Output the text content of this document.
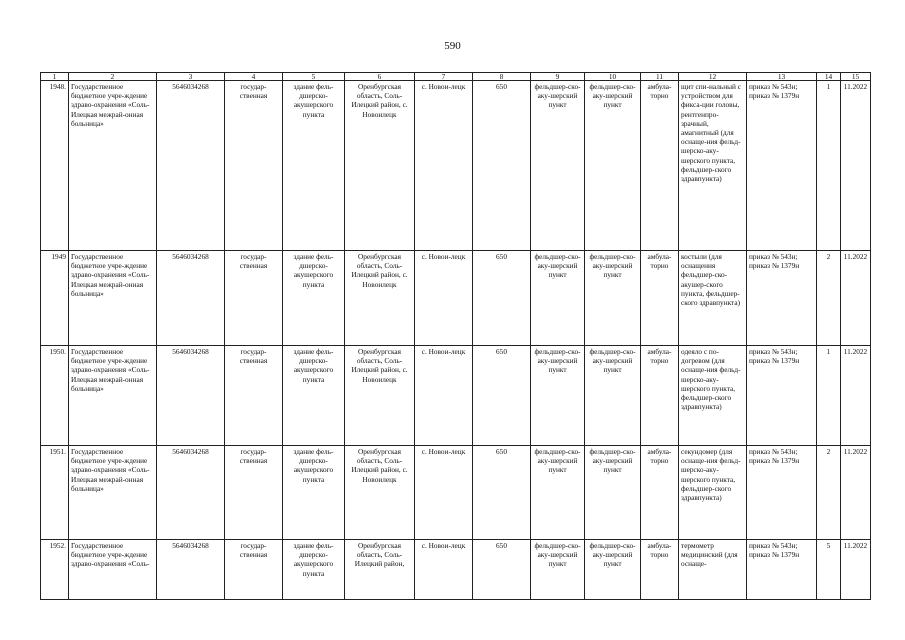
590
1	2	3	4	5	6	7	8	9	10	11	12	13	14	15
1948.	Государственное бюджетное учре-ждение здраво-охранения «Соль-Илецкая межрай-онная больница»	5646034268	государ-ственная	здание фель-дшерско-акушерского пункта	Оренбургская область, Соль-Илецкий район, с. Новоилецк	с. Новои-лецк	650	фельдшер-ско-аку-шерский пункт	фельдшер-ско-аку-шерский пункт	амбула-торно	щит спи-нальный с устройством для фикса-ции головы, рентгенпро-зрачный, амагнитный (для оснаще-ния фельд-шерско-аку-шерского пункта, фельдшер-ского здравпункта)	приказ № 543н; приказ № 1379н	1	11.2022
1949	Государственное бюджетное учре-ждение здраво-охранения «Соль-Илецкая межрай-онная больница»	5646034268	государ-ственная	здание фель-дшерско-акушерского пункта	Оренбургская область, Соль-Илецкий район, с. Новоилецк	с. Новои-лецк	650	фельдшер-ско-аку-шерский пункт	фельдшер-ско-аку-шерский пункт	амбула-торно	костыли (для оснащения фельдшер-ско-акушер-ского пункта, фельдшер-ского здравпункта)	приказ № 543н; приказ № 1379н	2	11.2022
1950.	Государственное бюджетное учре-ждение здраво-охранения «Соль-Илецкая межрай-онная больница»	5646034268	государ-ственная	здание фель-дшерско-акушерского пункта	Оренбургская область, Соль-Илецкий район, с. Новоилецк	с. Новои-лецк	650	фельдшер-ско-аку-шерский пункт	фельдшер-ско-аку-шерский пункт	амбула-торно	одеяло с по-догревом (для оснаще-ния фельд-шерско-аку-шерского пункта, фельдшер-ского здравпункта)	приказ № 543н; приказ № 1379н	1	11.2022
1951.	Государственное бюджетное учре-ждение здраво-охранения «Соль-Илецкая межрай-онная больница»	5646034268	государ-ственная	здание фель-дшерско-акушерского пункта	Оренбургская область, Соль-Илецкий район, с. Новоилецк	с. Новои-лецк	650	фельдшер-ско-аку-шерский пункт	фельдшер-ско-аку-шерский пункт	амбула-торно	секундомер (для оснаще-ния фельд-шерско-аку-шерского пункта, фельдшер-ского здравпункта)	приказ № 543н; приказ № 1379н	2	11.2022
1952.	Государственное бюджетное учре-ждение здраво-охранения «Соль-	5646034268	государ-ственная	здание фель-дшерско-акушерского пункта	Оренбургская область, Соль-Илецкий район,	с. Новои-лецк	650	фельдшер-ско-аку-шерский пункт	фельдшер-ско-аку-шерский пункт	амбула-торно	термометр медицинский (для оснаще-	приказ № 543н; приказ № 1379н	5	11.2022
